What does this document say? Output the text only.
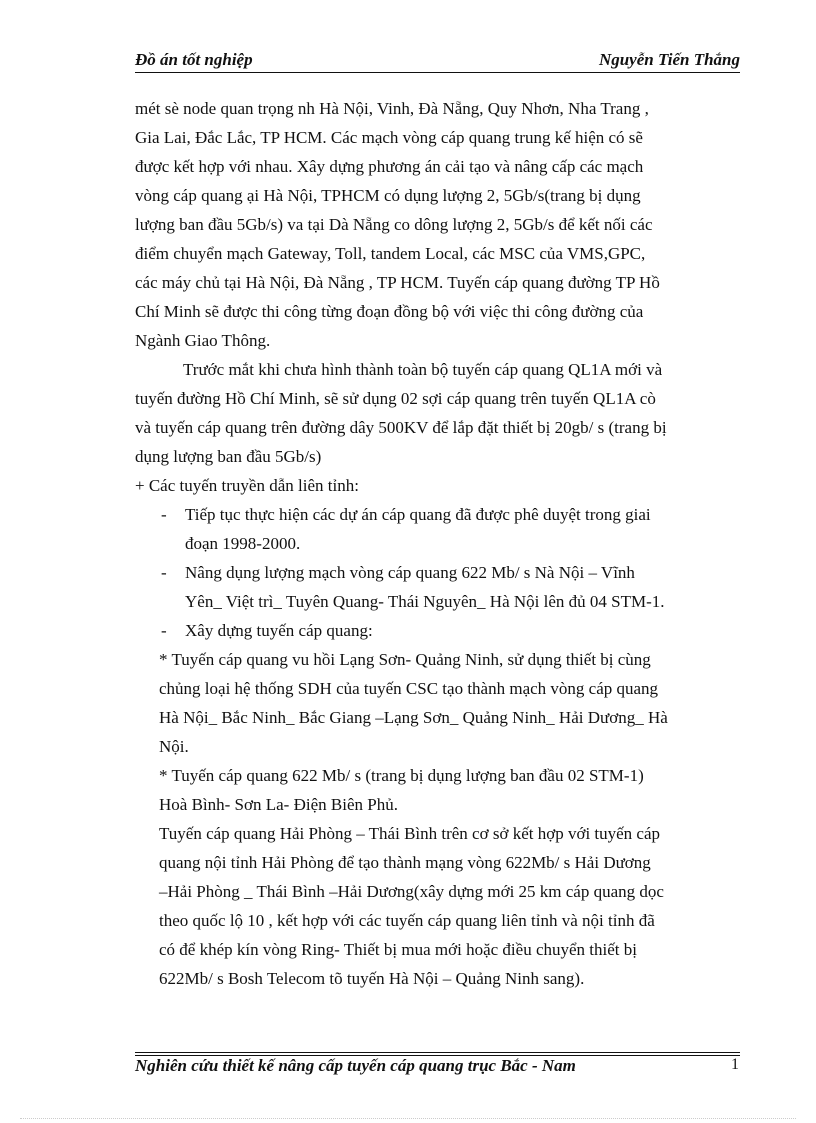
Đồ án tốt nghiệp	Nguyễn Tiến Thắng
mét sè node quan trọng nh Hà Nội, Vinh, Đà Nẵng, Quy Nhơn, Nha Trang ,
Gia Lai, Đắc Lắc, TP HCM. Các mạch vòng cáp quang trung kế hiện có sẽ
được kết hợp với nhau. Xây dựng phương án cải tạo và nâng cấp các mạch
vòng cáp quang ại Hà Nội, TPHCM có dụng lượng 2, 5Gb/s(trang bị dụng
lượng ban đầu 5Gb/s) va tại Dà Nẵng co dông lượng 2, 5Gb/s để kết nối các
điểm chuyển mạch Gateway, Toll, tandem Local, các MSC của VMS,GPC,
các máy chủ tại Hà Nội, Đà Nẵng , TP HCM. Tuyến cáp quang đường TP Hồ
Chí Minh sẽ được thi công từng đoạn đồng bộ với việc thi công đường của
Ngành Giao Thông.
Trước mắt khi chưa hình thành toàn bộ tuyến cáp quang QL1A mới và
tuyến đường Hồ Chí Minh, sẽ sử dụng 02 sợi cáp quang trên tuyến QL1A cò
và tuyến cáp quang trên đường dây 500KV để lắp đặt thiết bị 20gb/ s (trang bị
dụng lượng ban đầu 5Gb/s)
+ Các tuyến truyền dẫn liên tỉnh:
- Tiếp tục thực hiện các dự án cáp quang đã được phê duyệt trong giai
đoạn 1998-2000.
- Nâng dụng lượng mạch vòng cáp quang 622 Mb/ s Nà Nội – Vĩnh
Yên_ Việt trì_ Tuyên Quang- Thái Nguyên_ Hà Nội lên đủ 04 STM-1.
- Xây dựng tuyến cáp quang:
* Tuyến cáp quang vu hồi Lạng Sơn- Quảng Ninh, sử dụng thiết bị cùng
chủng loại hệ thống SDH của tuyến CSC tạo thành mạch vòng cáp quang
Hà Nội_ Bắc Ninh_ Bắc Giang –Lạng Sơn_ Quảng Ninh_ Hải Dương_ Hà
Nội.
* Tuyến cáp quang 622 Mb/ s (trang bị dụng lượng ban đầu 02 STM-1)
Hoà Bình- Sơn La- Điện Biên Phủ.
Tuyến cáp quang Hải Phòng – Thái Bình trên cơ sở kết hợp với tuyến cáp
quang nội tỉnh Hải Phòng để tạo thành mạng vòng 622Mb/ s Hải Dương
–Hải Phòng _ Thái Bình –Hải Dương(xây dựng mới 25 km cáp quang dọc
theo quốc lộ 10 , kết hợp với các tuyến cáp quang liên tỉnh và nội tỉnh đã
có để khép kín vòng Ring- Thiết bị mua mới hoặc điều chuyển thiết bị
622Mb/ s Bosh Telecom tõ tuyến Hà Nội – Quảng Ninh sang).
Nghiên cứu thiết kế nâng cấp tuyến cáp quang trục Bắc - Nam	1
